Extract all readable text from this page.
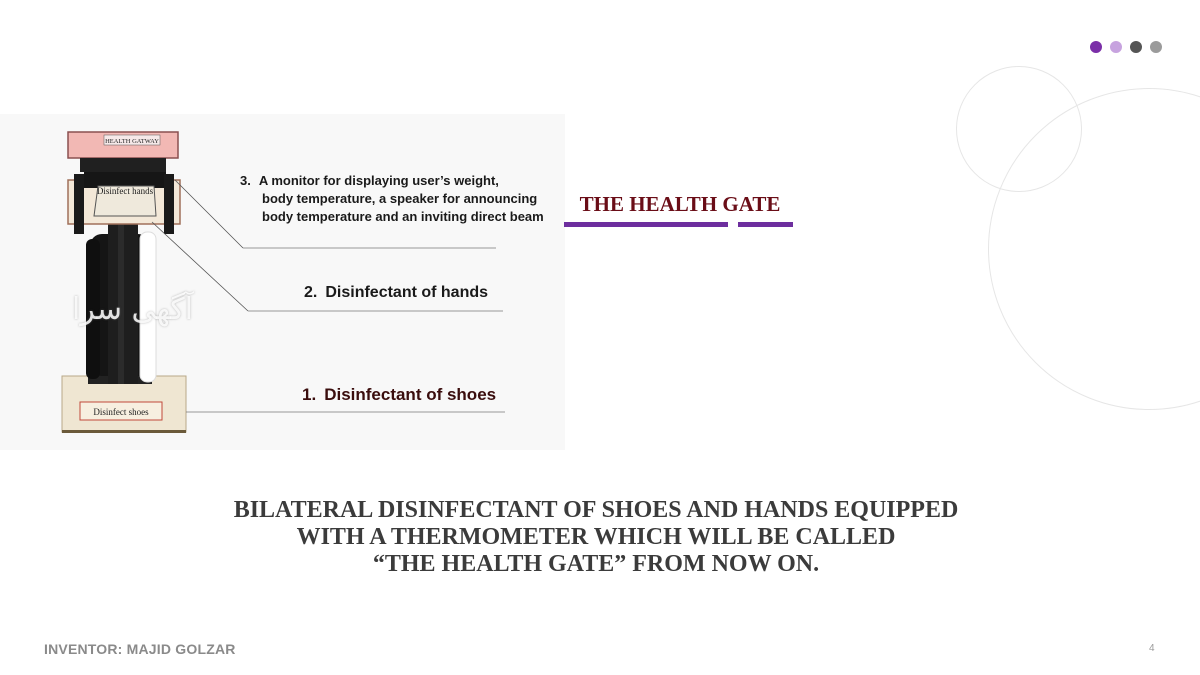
Disinfect shoes
Disinfect hands
HEALTH GATWAY
آگهی سرا
3. A monitor for displaying user’s weight,
body temperature, a speaker for announcing
body temperature and an inviting direct beam
2. Disinfectant of hands
1. Disinfectant of shoes
THE HEALTH GATE
BILATERAL DISINFECTANT OF SHOES AND HANDS EQUIPPED
WITH A THERMOMETER WHICH WILL BE CALLED
“THE HEALTH GATE” FROM NOW ON.
INVENTOR: MAJID GOLZAR	4
